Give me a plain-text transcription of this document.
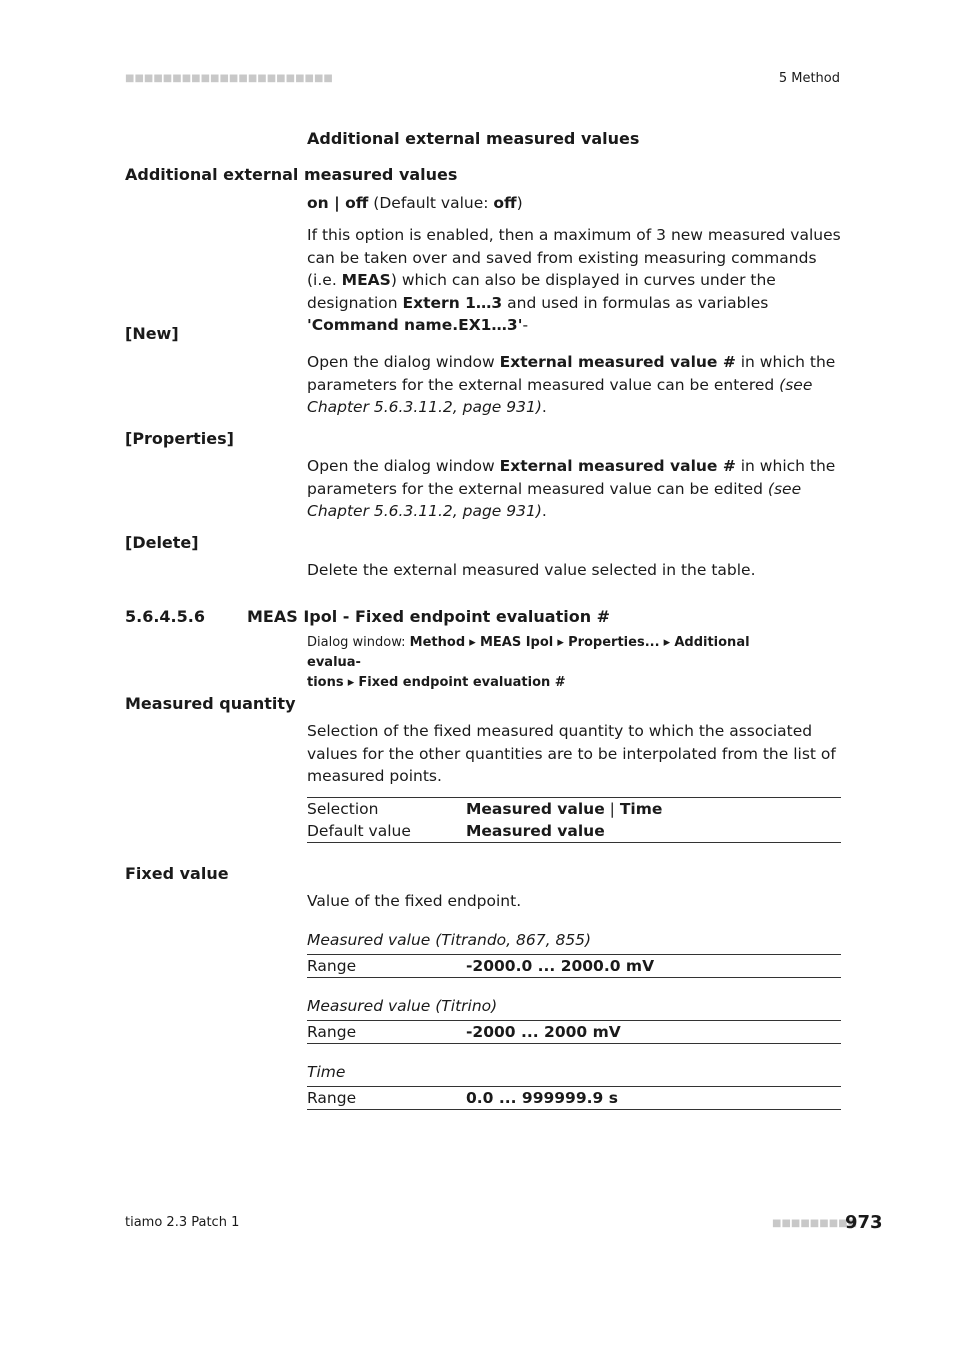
■■■■■■■■■■■■■■■■■■■■■■	5 Method
Additional external measured values
Additional external measured values
on | off (Default value: off)
If this option is enabled, then a maximum of 3 new measured values can be taken over and saved from existing measuring commands (i.e. MEAS) which can also be displayed in curves under the designation Extern 1…3 and used in formulas as variables 'Command name.EX1…3'-
[New]
Open the dialog window External measured value # in which the parameters for the external measured value can be entered (see Chapter 5.6.3.11.2, page 931).
[Properties]
Open the dialog window External measured value # in which the parameters for the external measured value can be edited (see Chapter 5.6.3.11.2, page 931).
[Delete]
Delete the external measured value selected in the table.
5.6.4.5.6	MEAS Ipol - Fixed endpoint evaluation #
Dialog window: Method ▸ MEAS Ipol ▸ Properties... ▸ Additional evalua-
tions ▸ Fixed endpoint evaluation #
Measured quantity
Selection of the fixed measured quantity to which the associated values for the other quantities are to be interpolated from the list of measured points.
Selection	Measured value | Time
Default value	Measured value
Fixed value
Value of the fixed endpoint.
Measured value (Titrando, 867, 855)
Range	-2000.0 ... 2000.0 mV
Measured value (Titrino)
Range	-2000 ... 2000 mV
Time
Range	0.0 ... 999999.9 s
tiamo 2.3 Patch 1	■■■■■■■■■
973
